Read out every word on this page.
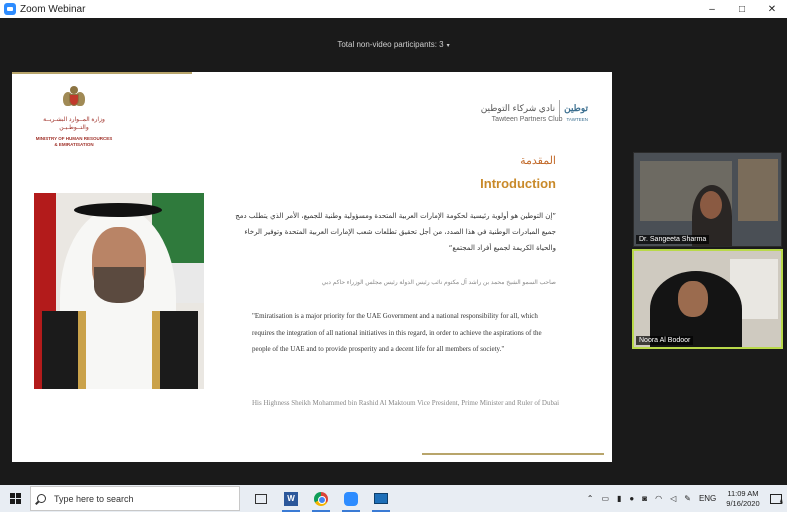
Zoom Webinar	–	□	✕
Total non-video participants: 3 ▾
وزارة المــوارد البشـريــة والتــوطـيـن
MINISTRY OF HUMAN RESOURCES
& EMIRATISATION
نادي شركاء التوطين توطين
Tawteen Partners Club TAWTEEN
المقدمة
Introduction
”إن التوطين هو أولوية رئيسية لحكومة الإمارات العربية المتحدة ومسؤولية وطنية للجميع، الأمر الذي يتطلب دمج جميع المبادرات الوطنية في هذا الصدد، من أجل تحقيق تطلعات شعب الإمارات العربية المتحدة وتوفير الرخاء والحياة الكريمة لجميع أفراد المجتمع“
صاحب السمو الشيخ محمد بن راشد آل مكتوم نائب رئيس الدولة رئيس مجلس الوزراء حاكم دبي
"Emiratisation is a major priority for the UAE Government and a national responsibility for all, which requires the integration of all national initiatives in this regard, in order to achieve the aspirations of the people of the UAE and to provide prosperity and a decent life for all members of society."
His Highness Sheikh Mohammed bin Rashid Al Maktoum Vice President, Prime Minister and Ruler of Dubai
Dr. Sangeeta Sharma
Noora Al Bodoor
Type here to search	W	⌃ ▭ ▮ ● ◙ ◠ ◁ ✎ ENG
11:09 AM
9/16/2020	6
